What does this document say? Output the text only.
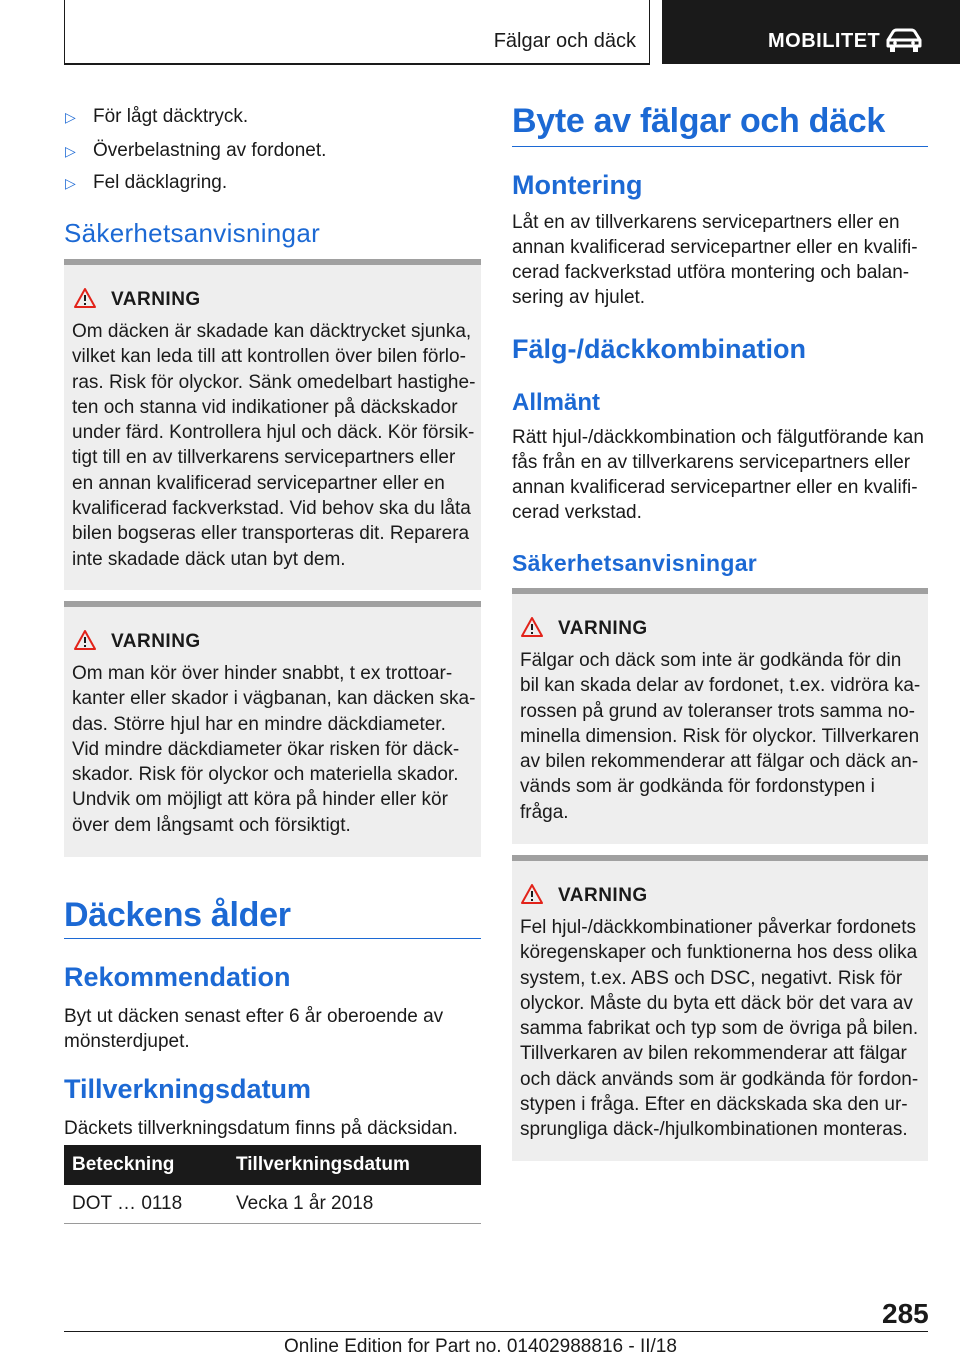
Fälgar och däck	MOBILITET
▷ För lågt däcktryck.
▷ Överbelastning av fordonet.
▷ Fel däcklagring.
Säkerhetsanvisningar
VARNING
Om däcken är skadade kan däcktrycket sjunka,
vilket kan leda till att kontrollen över bilen förlo-
ras. Risk för olyckor. Sänk omedelbart hastighe-
ten och stanna vid indikationer på däckskador
under färd. Kontrollera hjul och däck. Kör försik-
tigt till en av tillverkarens servicepartners eller
en annan kvalificerad servicepartner eller en
kvalificerad fackverkstad. Vid behov ska du låta
bilen bogseras eller transporteras dit. Reparera
inte skadade däck utan byt dem.
VARNING
Om man kör över hinder snabbt, t ex trottoar-
kanter eller skador i vägbanan, kan däcken ska-
das. Större hjul har en mindre däckdiameter.
Vid mindre däckdiameter ökar risken för däck-
skador. Risk för olyckor och materiella skador.
Undvik om möjligt att köra på hinder eller kör
över dem långsamt och försiktigt.
Däckens ålder
Rekommendation
Byt ut däcken senast efter 6 år oberoende av
mönsterdjupet.
Tillverkningsdatum
Däckets tillverkningsdatum finns på däcksidan.
Beteckning	Tillverkningsdatum
DOT … 0118	Vecka 1 år 2018
Byte av fälgar och däck
Montering
Låt en av tillverkarens servicepartners eller en
annan kvalificerad servicepartner eller en kvalifi-
cerad fackverkstad utföra montering och balan-
sering av hjulet.
Fälg-/däckkombination
Allmänt
Rätt hjul-/däckkombination och fälgutförande kan
fås från en av tillverkarens servicepartners eller
annan kvalificerad servicepartner eller en kvalifi-
cerad verkstad.
Säkerhetsanvisningar
VARNING
Fälgar och däck som inte är godkända för din
bil kan skada delar av fordonet, t.ex. vidröra ka-
rossen på grund av toleranser trots samma no-
minella dimension. Risk för olyckor. Tillverkaren
av bilen rekommenderar att fälgar och däck an-
vänds som är godkända för fordonstypen i
fråga.
VARNING
Fel hjul-/däckkombinationer påverkar fordonets
köregenskaper och funktionerna hos dess olika
system, t.ex. ABS och DSC, negativt. Risk för
olyckor. Måste du byta ett däck bör det vara av
samma fabrikat och typ som de övriga på bilen.
Tillverkaren av bilen rekommenderar att fälgar
och däck används som är godkända för fordon-
stypen i fråga. Efter en däckskada ska den ur-
sprungliga däck-/hjulkombinationen monteras.
285
Online Edition for Part no. 01402988816 - II/18
